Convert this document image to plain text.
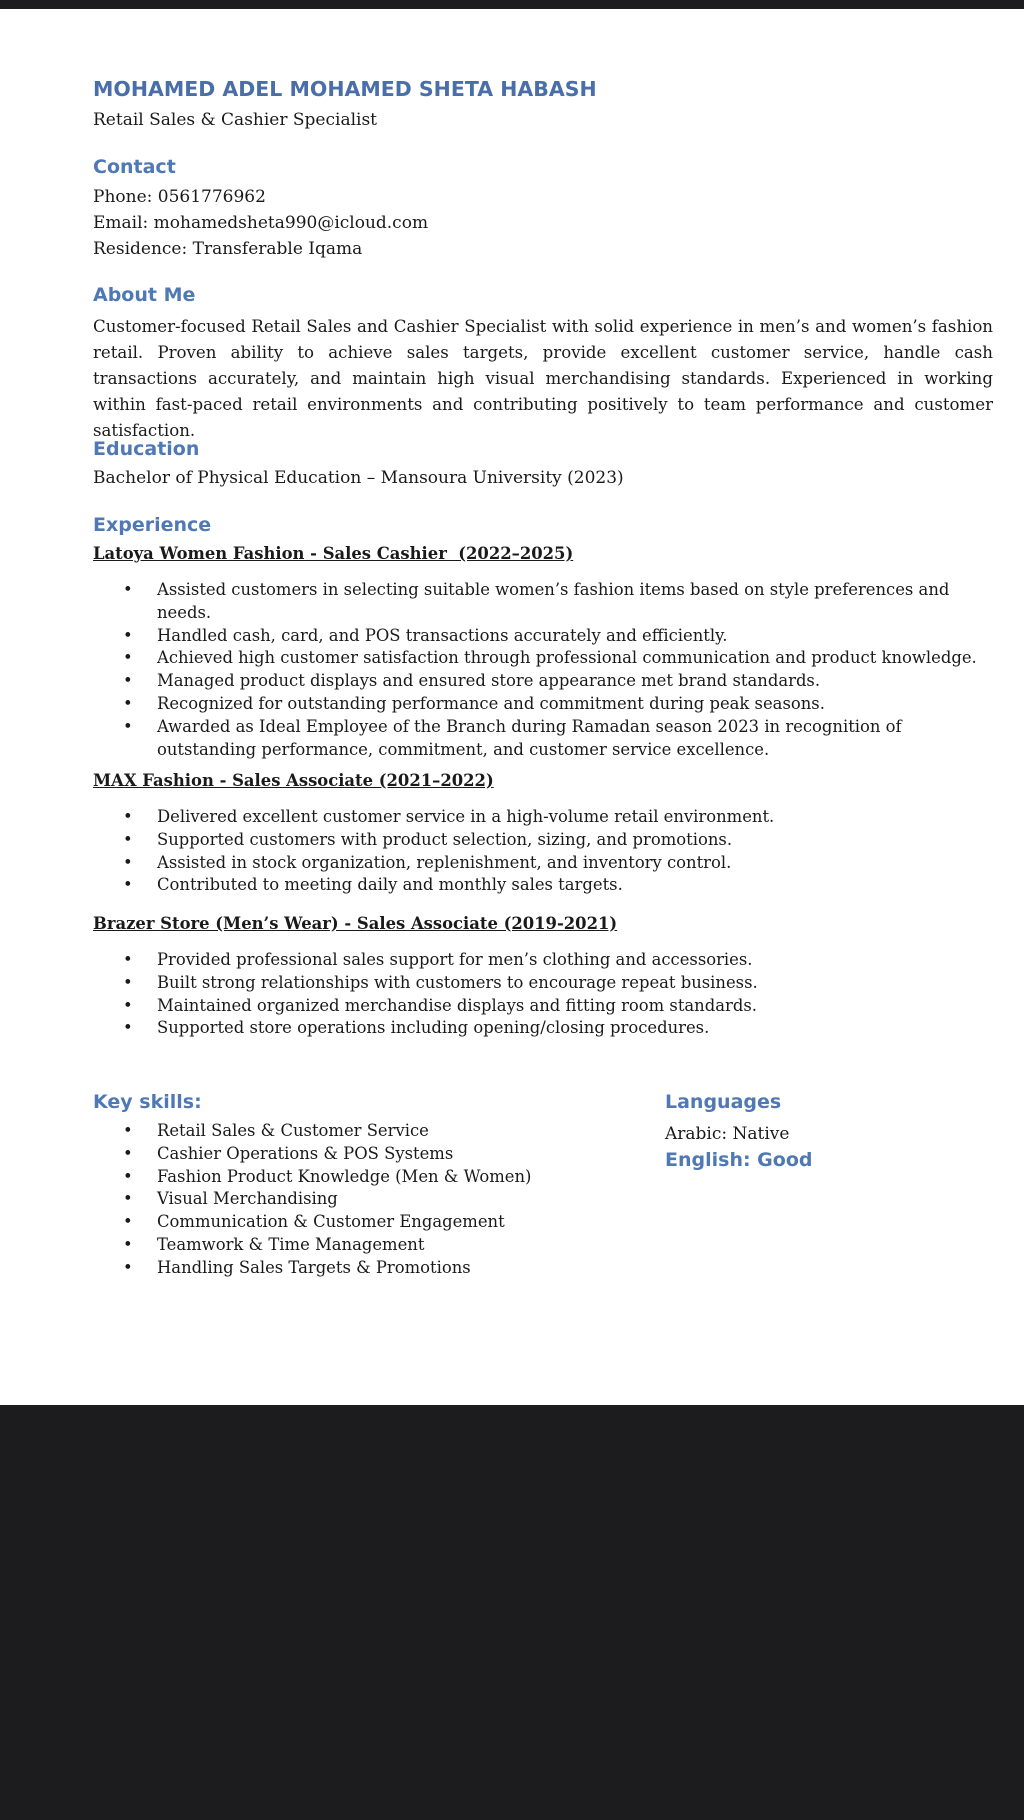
MOHAMED ADEL MOHAMED SHETA HABASH
Retail Sales & Cashier Specialist
Contact
Phone: 0561776962
Email: mohamedsheta990@icloud.com
Residence: Transferable Iqama
About Me

Customer-focused Retail Sales and Cashier Specialist with solid experience in men’s and women’s fashion retail. Proven ability to achieve sales targets, provide excellent customer service, handle cash transactions accurately, and maintain high visual merchandising standards. Experienced in working within fast-paced retail environments and contributing positively to team performance and customer satisfaction.

Education
Bachelor of Physical Education – Mansoura University (2023)
Experience
Latoya Women Fashion - Sales Cashier  (2022–2025)
• Assisted customers in selecting suitable women’s fashion items based on style preferences and needs.
• Handled cash, card, and POS transactions accurately and efficiently.
• Achieved high customer satisfaction through professional communication and product knowledge.
• Managed product displays and ensured store appearance met brand standards.
• Recognized for outstanding performance and commitment during peak seasons.
• Awarded as Ideal Employee of the Branch during Ramadan season 2023 in recognition of outstanding performance, commitment, and customer service excellence.
MAX Fashion - Sales Associate (2021–2022)
• Delivered excellent customer service in a high-volume retail environment.
• Supported customers with product selection, sizing, and promotions.
• Assisted in stock organization, replenishment, and inventory control.
• Contributed to meeting daily and monthly sales targets.
Brazer Store (Men’s Wear) - Sales Associate (2019-2021)
• Provided professional sales support for men’s clothing and accessories.
• Built strong relationships with customers to encourage repeat business.
• Maintained organized merchandise displays and fitting room standards.
• Supported store operations including opening/closing procedures.
Key skills:
• Retail Sales & Customer Service
• Cashier Operations & POS Systems
• Fashion Product Knowledge (Men & Women)
• Visual Merchandising
• Communication & Customer Engagement
• Teamwork & Time Management
• Handling Sales Targets & Promotions
Languages
Arabic: Native
English: Good
